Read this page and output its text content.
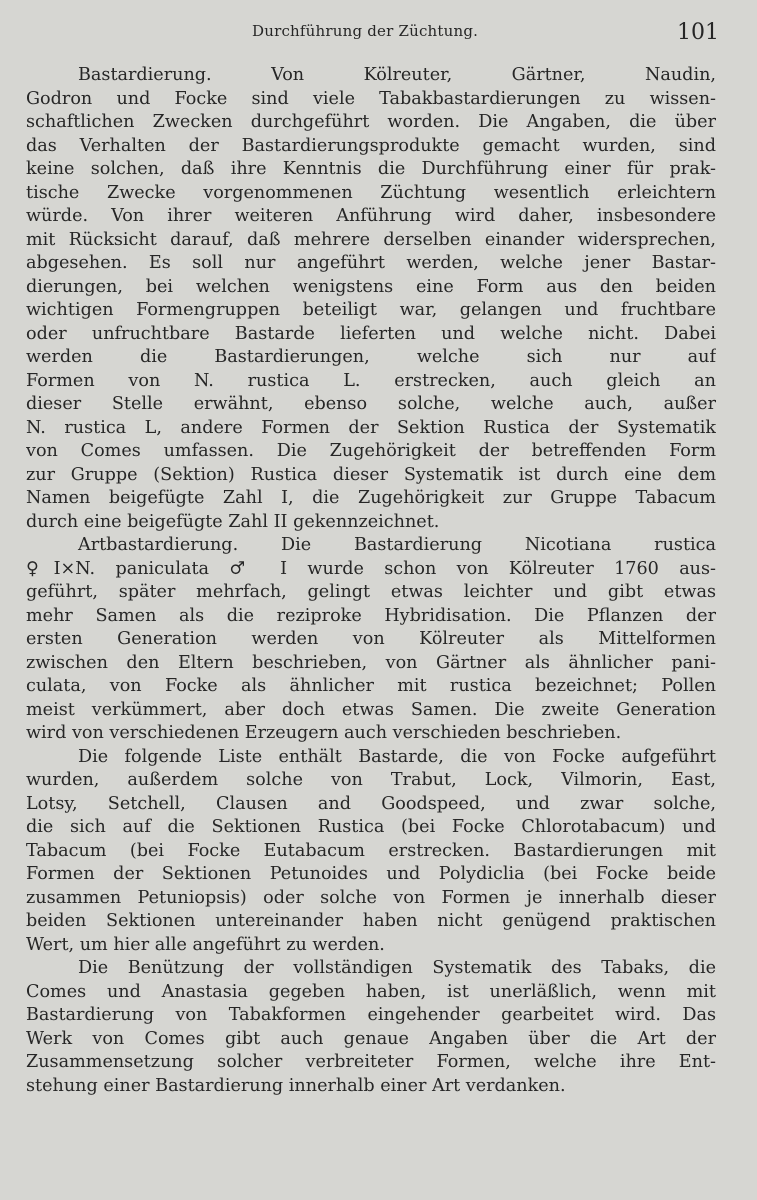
Durchführung der Züchtung.	101
Bastardierung. Von Kölreuter, Gärtner, Naudin,
Godron und Focke sind viele Tabakbastardierungen zu wissen-
schaftlichen Zwecken durchgeführt worden. Die Angaben, die über
das Verhalten der Bastardierungsprodukte gemacht wurden, sind
keine solchen, daß ihre Kenntnis die Durchführung einer für prak-
tische Zwecke vorgenommenen Züchtung wesentlich erleichtern
würde. Von ihrer weiteren Anführung wird daher, insbesondere
mit Rücksicht darauf, daß mehrere derselben einander widersprechen,
abgesehen. Es soll nur angeführt werden, welche jener Bastar-
dierungen, bei welchen wenigstens eine Form aus den beiden
wichtigen Formengruppen beteiligt war, gelangen und fruchtbare
oder unfruchtbare Bastarde lieferten und welche nicht. Dabei
werden die Bastardierungen, welche sich nur auf
Formen von N. rustica L. erstrecken, auch gleich an
dieser Stelle erwähnt, ebenso solche, welche auch, außer
N. rustica L, andere Formen der Sektion Rustica der Systematik
von Comes umfassen. Die Zugehörigkeit der betreffenden Form
zur Gruppe (Sektion) Rustica dieser Systematik ist durch eine dem
Namen beigefügte Zahl I, die Zugehörigkeit zur Gruppe Tabacum
durch eine beigefügte Zahl II gekennzeichnet.
Artbastardierung. Die Bastardierung Nicotiana rustica
♀I×N. paniculata ♂ I wurde schon von Kölreuter 1760 aus-
geführt, später mehrfach, gelingt etwas leichter und gibt etwas
mehr Samen als die reziproke Hybridisation. Die Pflanzen der
ersten Generation werden von Kölreuter als Mittelformen
zwischen den Eltern beschrieben, von Gärtner als ähnlicher pani-
culata, von Focke als ähnlicher mit rustica bezeichnet; Pollen
meist verkümmert, aber doch etwas Samen. Die zweite Generation
wird von verschiedenen Erzeugern auch verschieden beschrieben.
Die folgende Liste enthält Bastarde, die von Focke aufgeführt
wurden, außerdem solche von Trabut, Lock, Vilmorin, East,
Lotsy, Setchell, Clausen and Goodspeed, und zwar solche,
die sich auf die Sektionen Rustica (bei Focke Chlorotabacum) und
Tabacum (bei Focke Eutabacum erstrecken. Bastardierungen mit
Formen der Sektionen Petunoides und Polydiclia (bei Focke beide
zusammen Petuniopsis) oder solche von Formen je innerhalb dieser
beiden Sektionen untereinander haben nicht genügend praktischen
Wert, um hier alle angeführt zu werden.
Die Benützung der vollständigen Systematik des Tabaks, die
Comes und Anastasia gegeben haben, ist unerläßlich, wenn mit
Bastardierung von Tabakformen eingehender gearbeitet wird. Das
Werk von Comes gibt auch genaue Angaben über die Art der
Zusammensetzung solcher verbreiteter Formen, welche ihre Ent-
stehung einer Bastardierung innerhalb einer Art verdanken.
